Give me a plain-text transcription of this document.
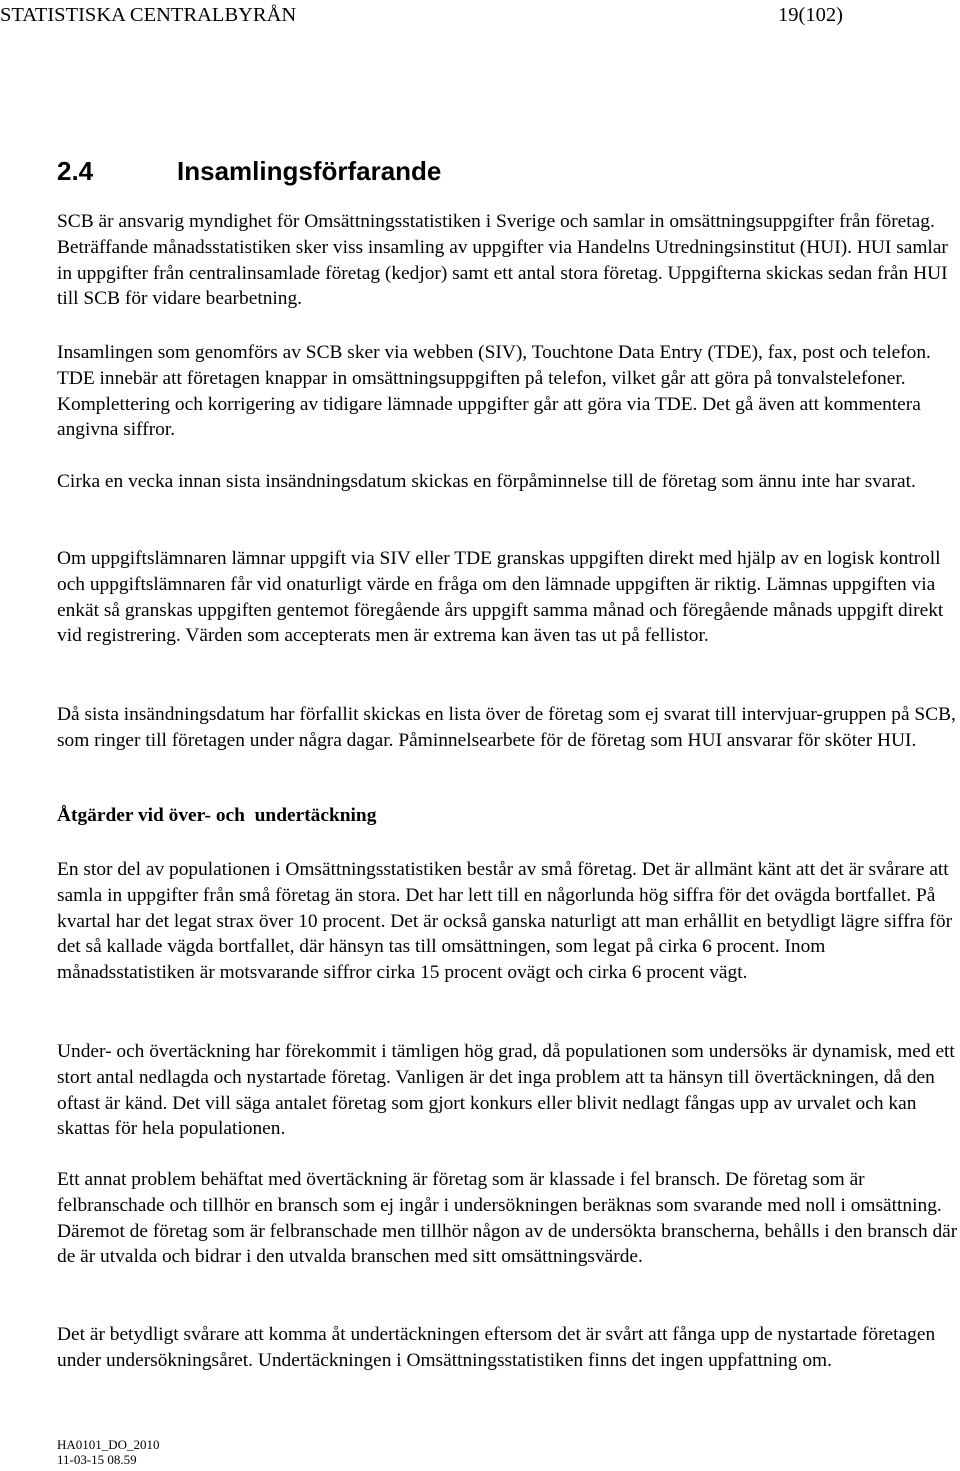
STATISTISKA CENTRALBYRÅN	19(102)
2.4	Insamlingsförfarande

SCB är ansvarig myndighet för Omsättningsstatistiken i Sverige och samlar in omsättningsuppgifter från företag. Beträffande månadsstatistiken sker viss insamling av uppgifter via Handelns Utredningsinstitut (HUI). HUI samlar in uppgifter från centralinsamlade företag (kedjor) samt ett antal stora företag. Uppgifterna skickas sedan från HUI till SCB för vidare bearbetning.

Insamlingen som genomförs av SCB sker via webben (SIV), Touchtone Data Entry (TDE), fax, post och telefon. TDE innebär att företagen knappar in omsättningsuppgiften på telefon, vilket går att göra på tonvalstelefoner. Komplettering och korrigering av tidigare lämnade uppgifter går att göra via TDE. Det gå även att kommentera angivna siffror.

Cirka en vecka innan sista insändningsdatum skickas en förpåminnelse till de företag som ännu inte har svarat.

Om uppgiftslämnaren lämnar uppgift via SIV eller TDE granskas uppgiften direkt med hjälp av en logisk kontroll och uppgiftslämnaren får vid onaturligt värde en fråga om den lämnade uppgiften är riktig. Lämnas uppgiften via enkät så granskas uppgiften gentemot föregående års uppgift samma månad och föregående månads uppgift direkt vid registrering. Värden som accepterats men är extrema kan även tas ut på fellistor.

Då sista insändningsdatum har förfallit skickas en lista över de företag som ej svarat till intervjuar-gruppen på SCB, som ringer till företagen under några dagar. Påminnelsearbete för de företag som HUI ansvarar för sköter HUI.

Åtgärder vid över- och  undertäckning

En stor del av populationen i Omsättningsstatistiken består av små företag. Det är allmänt känt att det är svårare att samla in uppgifter från små företag än stora. Det har lett till en någorlunda hög siffra för det ovägda bortfallet. På kvartal har det legat strax över 10 procent. Det är också ganska naturligt att man erhållit en betydligt lägre siffra för det så kallade vägda bortfallet, där hänsyn tas till omsättningen, som legat på cirka 6 procent. Inom månadsstatistiken är motsvarande siffror cirka 15 procent ovägt och cirka 6 procent vägt.

Under- och övertäckning har förekommit i tämligen hög grad, då populationen som undersöks är dynamisk, med ett stort antal nedlagda och nystartade företag. Vanligen är det inga problem att ta hänsyn till övertäckningen, då den oftast är känd. Det vill säga antalet företag som gjort konkurs eller blivit nedlagt fångas upp av urvalet och kan skattas för hela populationen.

Ett annat problem behäftat med övertäckning är företag som är klassade i fel bransch. De företag som är felbranschade och tillhör en bransch som ej ingår i undersökningen beräknas som svarande med noll i omsättning. Däremot de företag som är felbranschade men tillhör någon av de undersökta branscherna, behålls i den bransch där de är utvalda och bidrar i den utvalda branschen med sitt omsättningsvärde.

Det är betydligt svårare att komma åt undertäckningen eftersom det är svårt att fånga upp de nystartade företagen under undersökningsåret. Undertäckningen i Omsättningsstatistiken finns det ingen uppfattning om.

HA0101_DO_2010
11-03-15 08.59
